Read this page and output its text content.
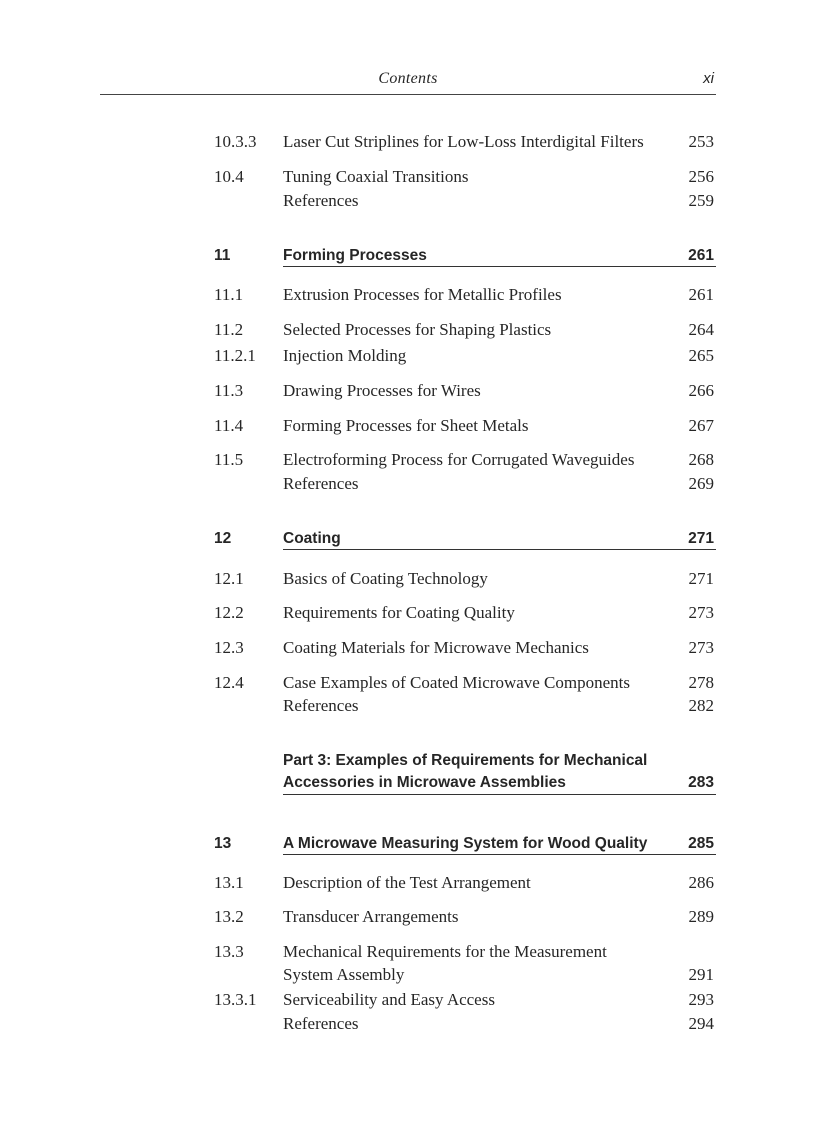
Contents	xi
10.3.3 Laser Cut Striplines for Low-Loss Interdigital Filters	253
10.4 Tuning Coaxial Transitions	256
References	259
11	Forming Processes	261
11.1 Extrusion Processes for Metallic Profiles	261
11.2 Selected Processes for Shaping Plastics	264
11.2.1 Injection Molding	265
11.3 Drawing Processes for Wires	266
11.4 Forming Processes for Sheet Metals	267
11.5 Electroforming Process for Corrugated Waveguides	268
References	269
12	Coating	271
12.1 Basics of Coating Technology	271
12.2 Requirements for Coating Quality	273
12.3 Coating Materials for Microwave Mechanics	273
12.4 Case Examples of Coated Microwave Components	278
References	282
Part 3: Examples of Requirements for Mechanical
Accessories in Microwave Assemblies	283
13	A Microwave Measuring System for Wood Quality	285
13.1 Description of the Test Arrangement	286
13.2 Transducer Arrangements	289
13.3 Mechanical Requirements for the Measurement
System Assembly	291
13.3.1 Serviceability and Easy Access	293
References	294
